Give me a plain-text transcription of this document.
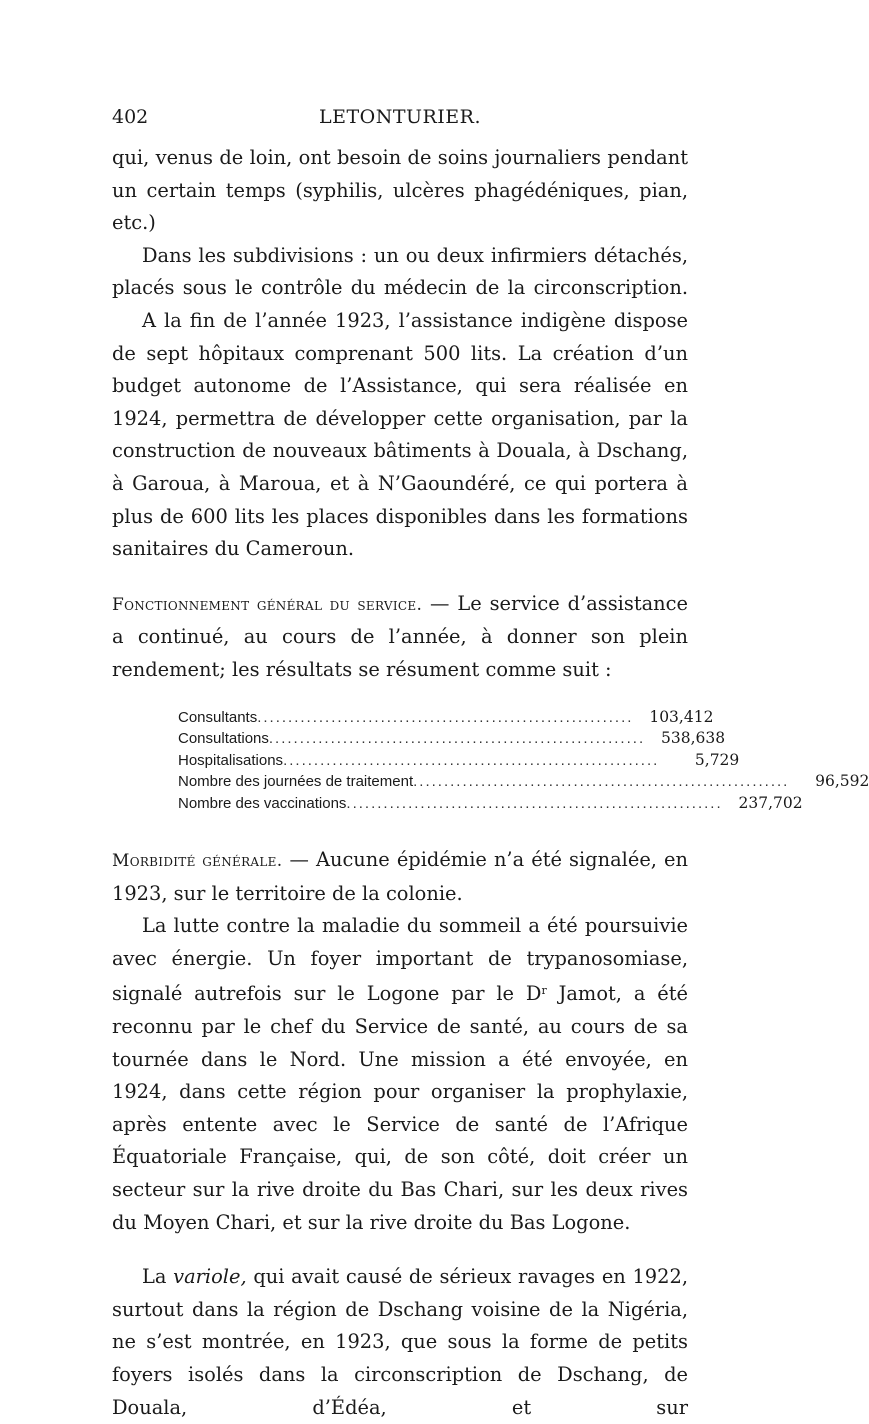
402	LETONTURIER.

qui, venus de loin, ont besoin de soins journaliers pendant un certain temps (syphilis, ulcères phagédéniques, pian, etc.)

Dans les subdivisions : un ou deux infirmiers détachés, placés sous le contrôle du médecin de la circonscription.

A la fin de l’année 1923, l’assistance indigène dispose de sept hôpitaux comprenant 500 lits. La création d’un budget autonome de l’Assistance, qui sera réalisée en 1924, permettra de développer cette organisation, par la construction de nouveaux bâtiments à Douala, à Dschang, à Garoua, à Maroua, et à N’Gaoundéré, ce qui portera à plus de 600 lits les places disponibles dans les formations sanitaires du Cameroun.

Fonctionnement général du service. — Le service d’assistance a continué, au cours de l’année, à donner son plein rendement; les résultats se résument comme suit :

Consultants .............................................................	103,412
Consultations .............................................................	538,638
Hospitalisations .............................................................	5,729
Nombre des journées de traitement .............................................................	96,592
Nombre des vaccinations .............................................................	237,702

Morbidité générale. — Aucune épidémie n’a été signalée, en 1923, sur le territoire de la colonie.

La lutte contre la maladie du sommeil a été poursuivie avec énergie. Un foyer important de trypanosomiase, signalé autrefois sur le Logone par le $D^r$ Jamot, a été reconnu par le chef du Service de santé, au cours de sa tournée dans le Nord. Une mission a été envoyée, en 1924, dans cette région pour organiser la prophylaxie, après entente avec le Service de santé de l’Afrique Équatoriale Française, qui, de son côté, doit créer un secteur sur la rive droite du Bas Chari, sur les deux rives du Moyen Chari, et sur la rive droite du Bas Logone.

La variole, qui avait causé de sérieux ravages en 1922, surtout dans la région de Dschang voisine de la Nigéria, ne s’est montrée, en 1923, que sous la forme de petits foyers isolés dans la circonscription de Dschang, de Douala, d’Édéa, et sur
